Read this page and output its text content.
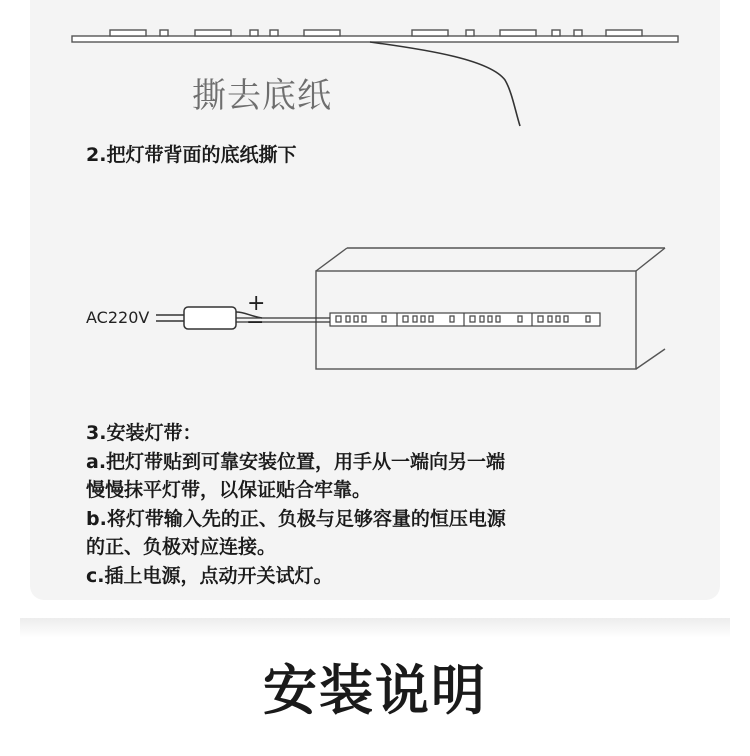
撕去底纸
2.把灯带背面的底纸撕下
AC220V
+
−
3.安装灯带：
a.把灯带贴到可靠安装位置，用手从一端向另一端
慢慢抹平灯带，以保证贴合牢靠。
b.将灯带输入先的正、负极与足够容量的恒压电源
的正、负极对应连接。
c.插上电源，点动开关试灯。
安装说明
